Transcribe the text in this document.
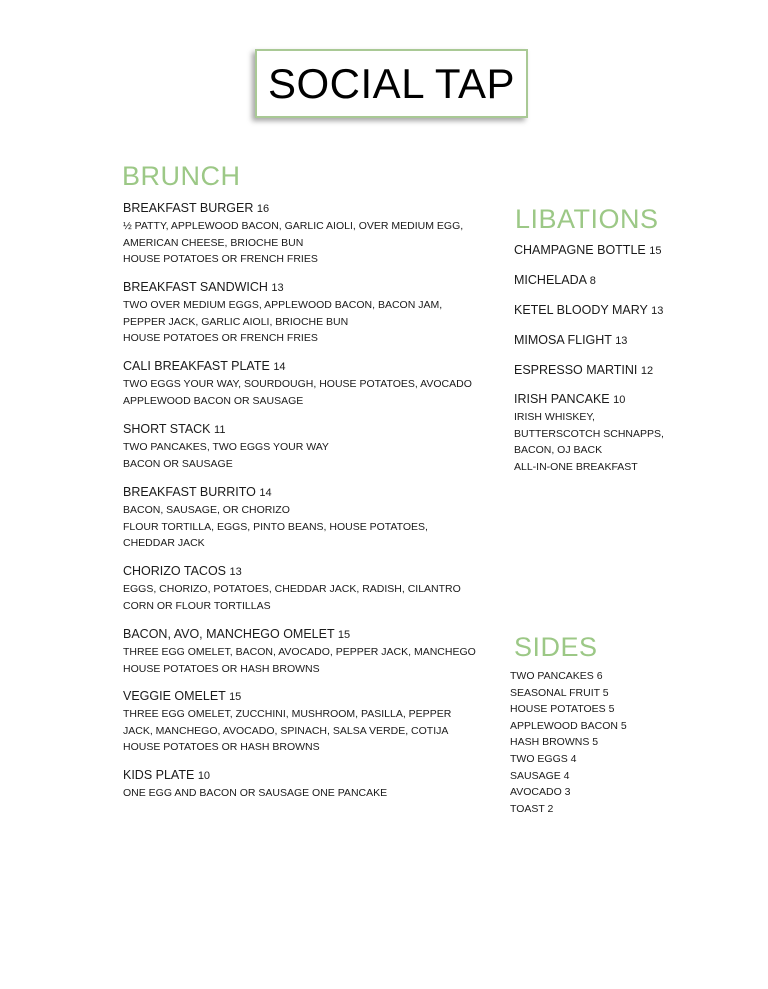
SOCIAL TAP
BRUNCH
LIBATIONS
SIDES
BREAKFAST BURGER 16
½ PATTY, APPLEWOOD BACON, GARLIC AIOLI, OVER MEDIUM EGG,
AMERICAN CHEESE, BRIOCHE BUN
HOUSE POTATOES OR FRENCH FRIES
BREAKFAST SANDWICH 13
TWO OVER MEDIUM EGGS, APPLEWOOD BACON, BACON JAM,
PEPPER JACK, GARLIC AIOLI, BRIOCHE BUN
HOUSE POTATOES OR FRENCH FRIES
CALI BREAKFAST PLATE 14
TWO EGGS YOUR WAY, SOURDOUGH, HOUSE POTATOES, AVOCADO
APPLEWOOD BACON OR SAUSAGE
SHORT STACK 11
TWO PANCAKES, TWO EGGS YOUR WAY
BACON OR SAUSAGE
BREAKFAST BURRITO 14
BACON, SAUSAGE, OR CHORIZO
FLOUR TORTILLA, EGGS, PINTO BEANS, HOUSE POTATOES,
CHEDDAR JACK
CHORIZO TACOS 13
EGGS, CHORIZO, POTATOES, CHEDDAR JACK, RADISH, CILANTRO
CORN OR FLOUR TORTILLAS
BACON, AVO, MANCHEGO OMELET 15
THREE EGG OMELET, BACON, AVOCADO, PEPPER JACK, MANCHEGO
HOUSE POTATOES OR HASH BROWNS
VEGGIE OMELET 15
THREE EGG OMELET, ZUCCHINI, MUSHROOM, PASILLA, PEPPER
JACK, MANCHEGO, AVOCADO, SPINACH, SALSA VERDE, COTIJA
HOUSE POTATOES OR HASH BROWNS
KIDS PLATE 10
ONE EGG AND BACON OR SAUSAGE ONE PANCAKE
CHAMPAGNE BOTTLE 15
MICHELADA 8
KETEL BLOODY MARY 13
MIMOSA FLIGHT 13
ESPRESSO MARTINI 12
IRISH PANCAKE 10
IRISH WHISKEY,
BUTTERSCOTCH SCHNAPPS,
BACON, OJ BACK
ALL-IN-ONE BREAKFAST
TWO PANCAKES 6
SEASONAL FRUIT 5
HOUSE POTATOES 5
APPLEWOOD BACON 5
HASH BROWNS 5
TWO EGGS 4
SAUSAGE 4
AVOCADO 3
TOAST 2
